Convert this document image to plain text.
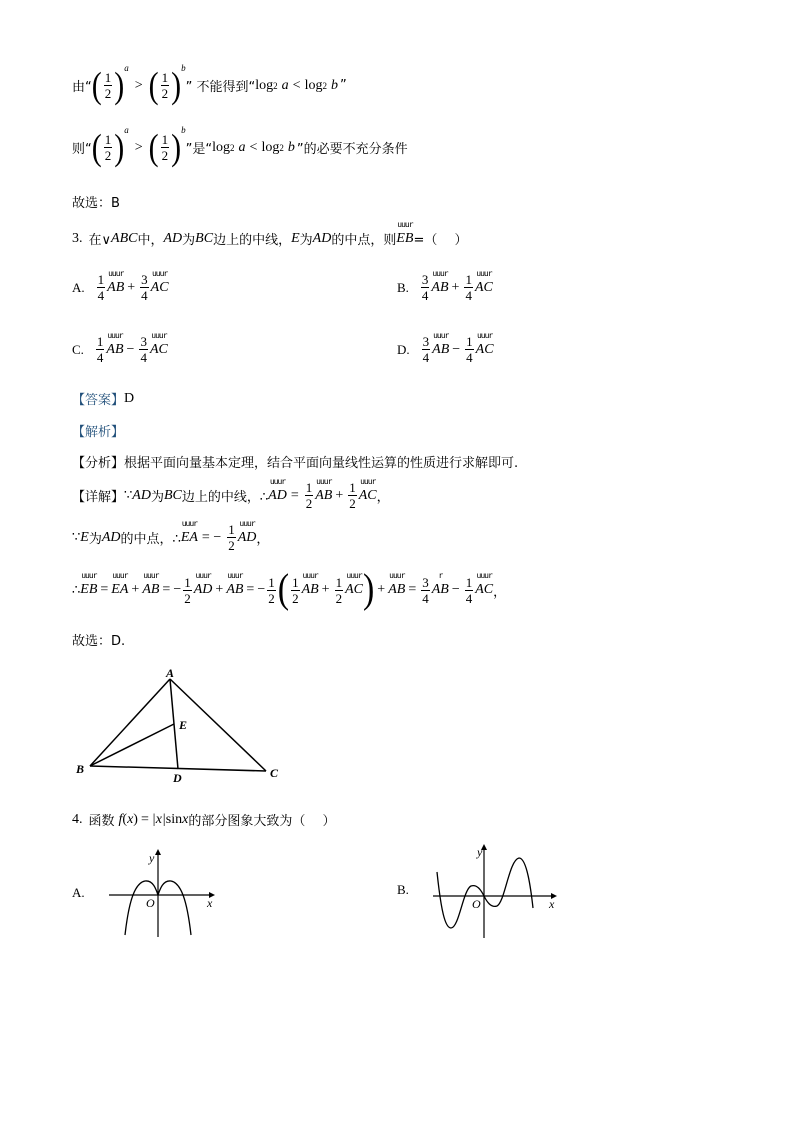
由“ ( $\frac{1}{2}$ ) a
> ( $\frac{1}{2}$ ) b
” 不能得到“ log 2 a < log 2 b ”
则“ ( $\frac{1}{2}$ ) a
> ( $\frac{1}{2}$ ) b
”是“ log 2 a < log 2 b ”的必要不充分条件
故选：B
3. 在∨ ABC 中， AD 为 BC 边上的中线， E 为 AD 的中点，则
uuur
EB =（　 ）
A. $\frac{1}{4}$ uuur
AB + $\frac{3}{4}$ uuur
AC	B. $\frac{3}{4}$ uuur
AB + $\frac{1}{4}$ uuur
AC
C. $\frac{1}{4}$ uuur
AB − $\frac{3}{4}$ uuur
AC	D. $\frac{3}{4}$ uuur
AB − $\frac{1}{4}$ uuur
AC
【答案】 D
【解析】
【分析】 根据平面向量基本定理，结合平面向量线性运算的性质进行求解即可.
【详解】 ∵ AD 为 BC 边上的中线，∴
uuur
AD = $\frac{1}{2}$ uuur
AB + $\frac{1}{2}$ uuur
AC ，
∵ E 为 AD 的中点，∴
uuur
EA = − $\frac{1}{2}$ uuur
AD ，
∴
uuur
EB =
uuur
EA +
uuur
AB = − $\frac{1}{2}$ uuur
AD +
uuur
AB = − $\frac{1}{2}$ ( $\frac{1}{2}$ uuur
AB + $\frac{1}{2}$ uuur
AC ) +
uuur
AB = $\frac{3}{4}$	r
AB − $\frac{1}{4}$ uuur
AC ，
故选：D.
A
B	C
D
E
4. 函数 f ( x ) = |x| sin x 的部分图象大致为（　 ）
A.
y
O	x
B.
y
O	x
